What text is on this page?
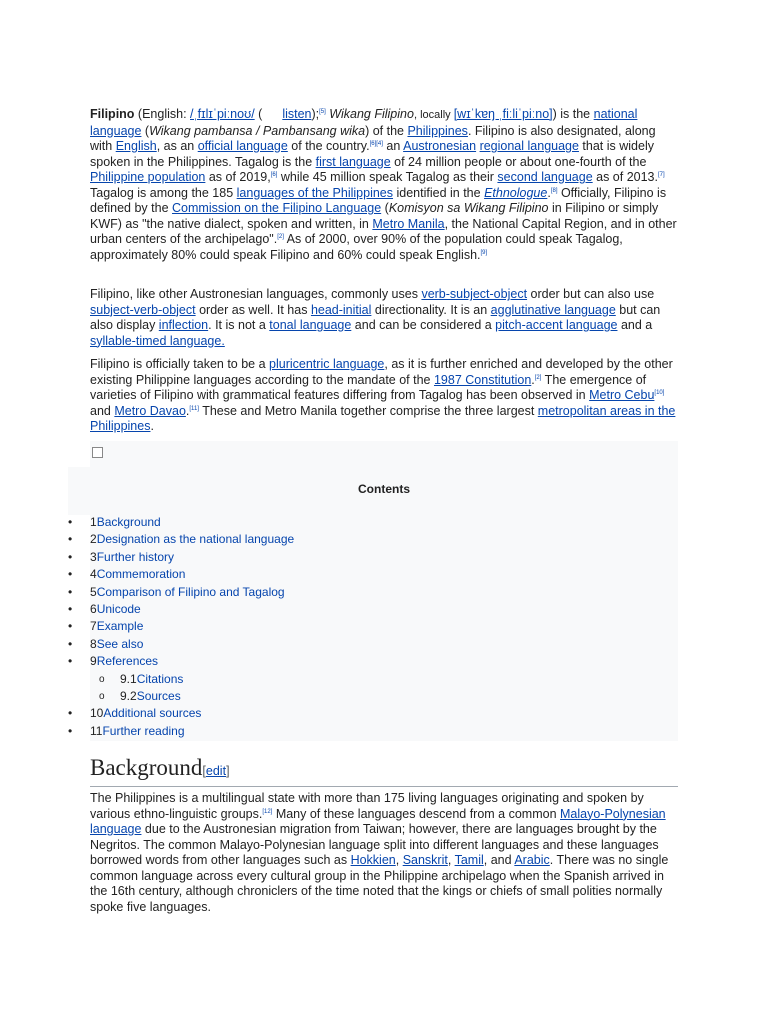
Filipino (English: /ˌfɪlɪˈpiːnoʊ/ ( listen);[5] Wikang Filipino, locally [wɪˈkɐŋ ˌfiːliˈpiːno]) is the national language (Wikang pambansa / Pambansang wika) of the Philippines. Filipino is also designated, along with English, as an official language of the country.[6][4] an Austronesian regional language that is widely spoken in the Philippines. Tagalog is the first language of 24 million people or about one-fourth of the Philippine population as of 2019,[6] while 45 million speak Tagalog as their second language as of 2013.[7] Tagalog is among the 185 languages of the Philippines identified in the Ethnologue.[8] Officially, Filipino is defined by the Commission on the Filipino Language (Komisyon sa Wikang Filipino in Filipino or simply KWF) as "the native dialect, spoken and written, in Metro Manila, the National Capital Region, and in other urban centers of the archipelago".[2] As of 2000, over 90% of the population could speak Tagalog, approximately 80% could speak Filipino and 60% could speak English.[9]

Filipino, like other Austronesian languages, commonly uses verb-subject-object order but can also use subject-verb-object order as well. It has head-initial directionality. It is an agglutinative language but can also display inflection. It is not a tonal language and can be considered a pitch-accent language and a syllable-timed language.

Filipino is officially taken to be a pluricentric language, as it is further enriched and developed by the other existing Philippine languages according to the mandate of the 1987 Constitution.[2] The emergence of varieties of Filipino with grammatical features differing from Tagalog has been observed in Metro Cebu[10] and Metro Davao.[11] These and Metro Manila together comprise the three largest metropolitan areas in the Philippines.

Contents
• 1Background
• 2Designation as the national language
• 3Further history
• 4Commemoration
• 5Comparison of Filipino and Tagalog
• 6Unicode
• 7Example
• 8See also
• 9References
o 9.1Citations
o 9.2Sources
• 10Additional sources
• 11Further reading
Background[edit]

The Philippines is a multilingual state with more than 175 living languages originating and spoken by various ethno-linguistic groups.[12] Many of these languages descend from a common Malayo-Polynesian language due to the Austronesian migration from Taiwan; however, there are languages brought by the Negritos. The common Malayo-Polynesian language split into different languages and these languages borrowed words from other languages such as Hokkien, Sanskrit, Tamil, and Arabic. There was no single common language across every cultural group in the Philippine archipelago when the Spanish arrived in the 16th century, although chroniclers of the time noted that the kings or chiefs of small polities normally spoke five languages.
